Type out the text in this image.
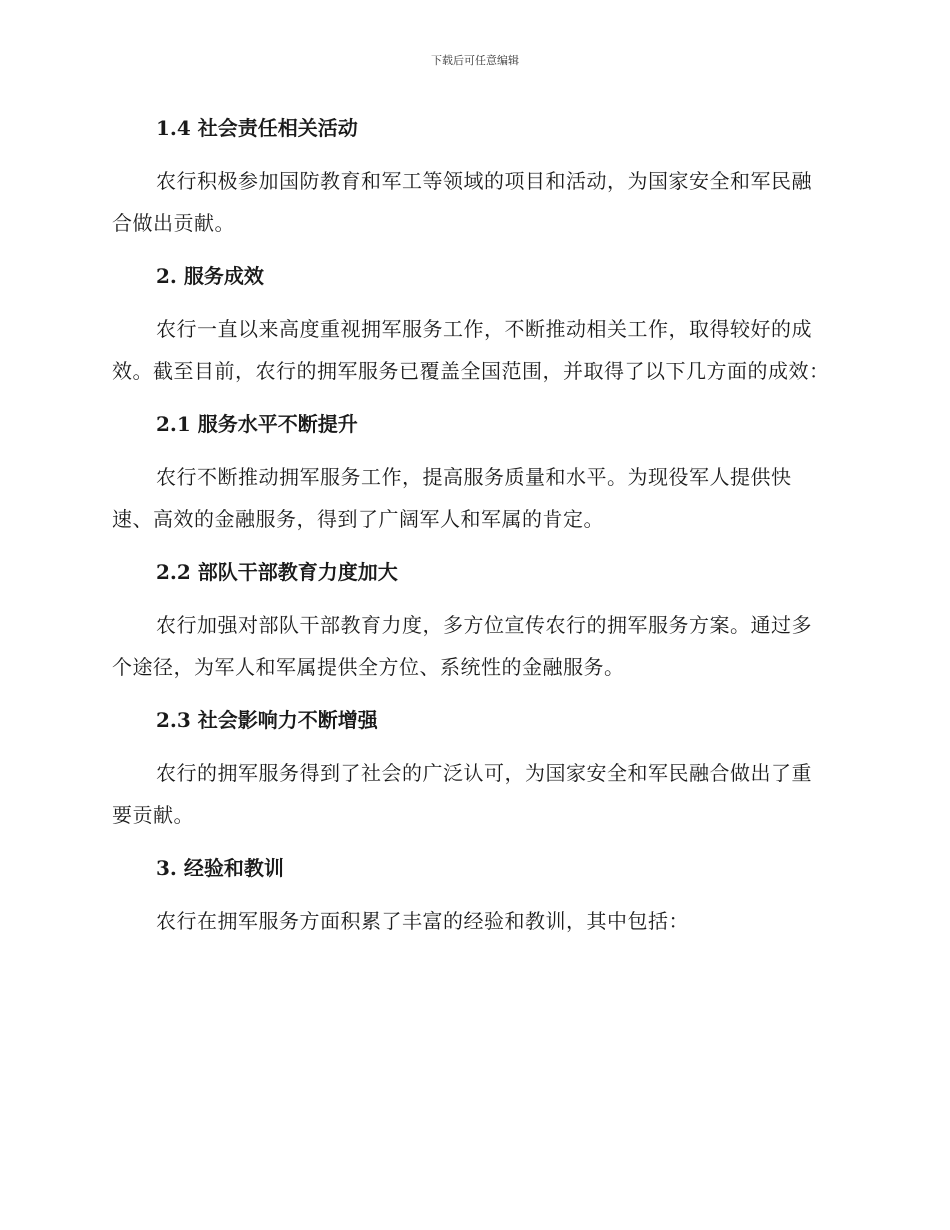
下载后可任意编辑
1.4 社会责任相关活动
农行积极参加国防教育和军工等领域的项目和活动，为国家安全和军民融合做出贡献。
2. 服务成效
农行一直以来高度重视拥军服务工作，不断推动相关工作，取得较好的成效。截至目前，农行的拥军服务已覆盖全国范围，并取得了以下几方面的成效：
2.1 服务水平不断提升
农行不断推动拥军服务工作，提高服务质量和水平。为现役军人提供快速、高效的金融服务，得到了广阔军人和军属的肯定。
2.2 部队干部教育力度加大
农行加强对部队干部教育力度，多方位宣传农行的拥军服务方案。通过多个途径，为军人和军属提供全方位、系统性的金融服务。
2.3 社会影响力不断增强
农行的拥军服务得到了社会的广泛认可，为国家安全和军民融合做出了重要贡献。
3. 经验和教训
农行在拥军服务方面积累了丰富的经验和教训，其中包括：
